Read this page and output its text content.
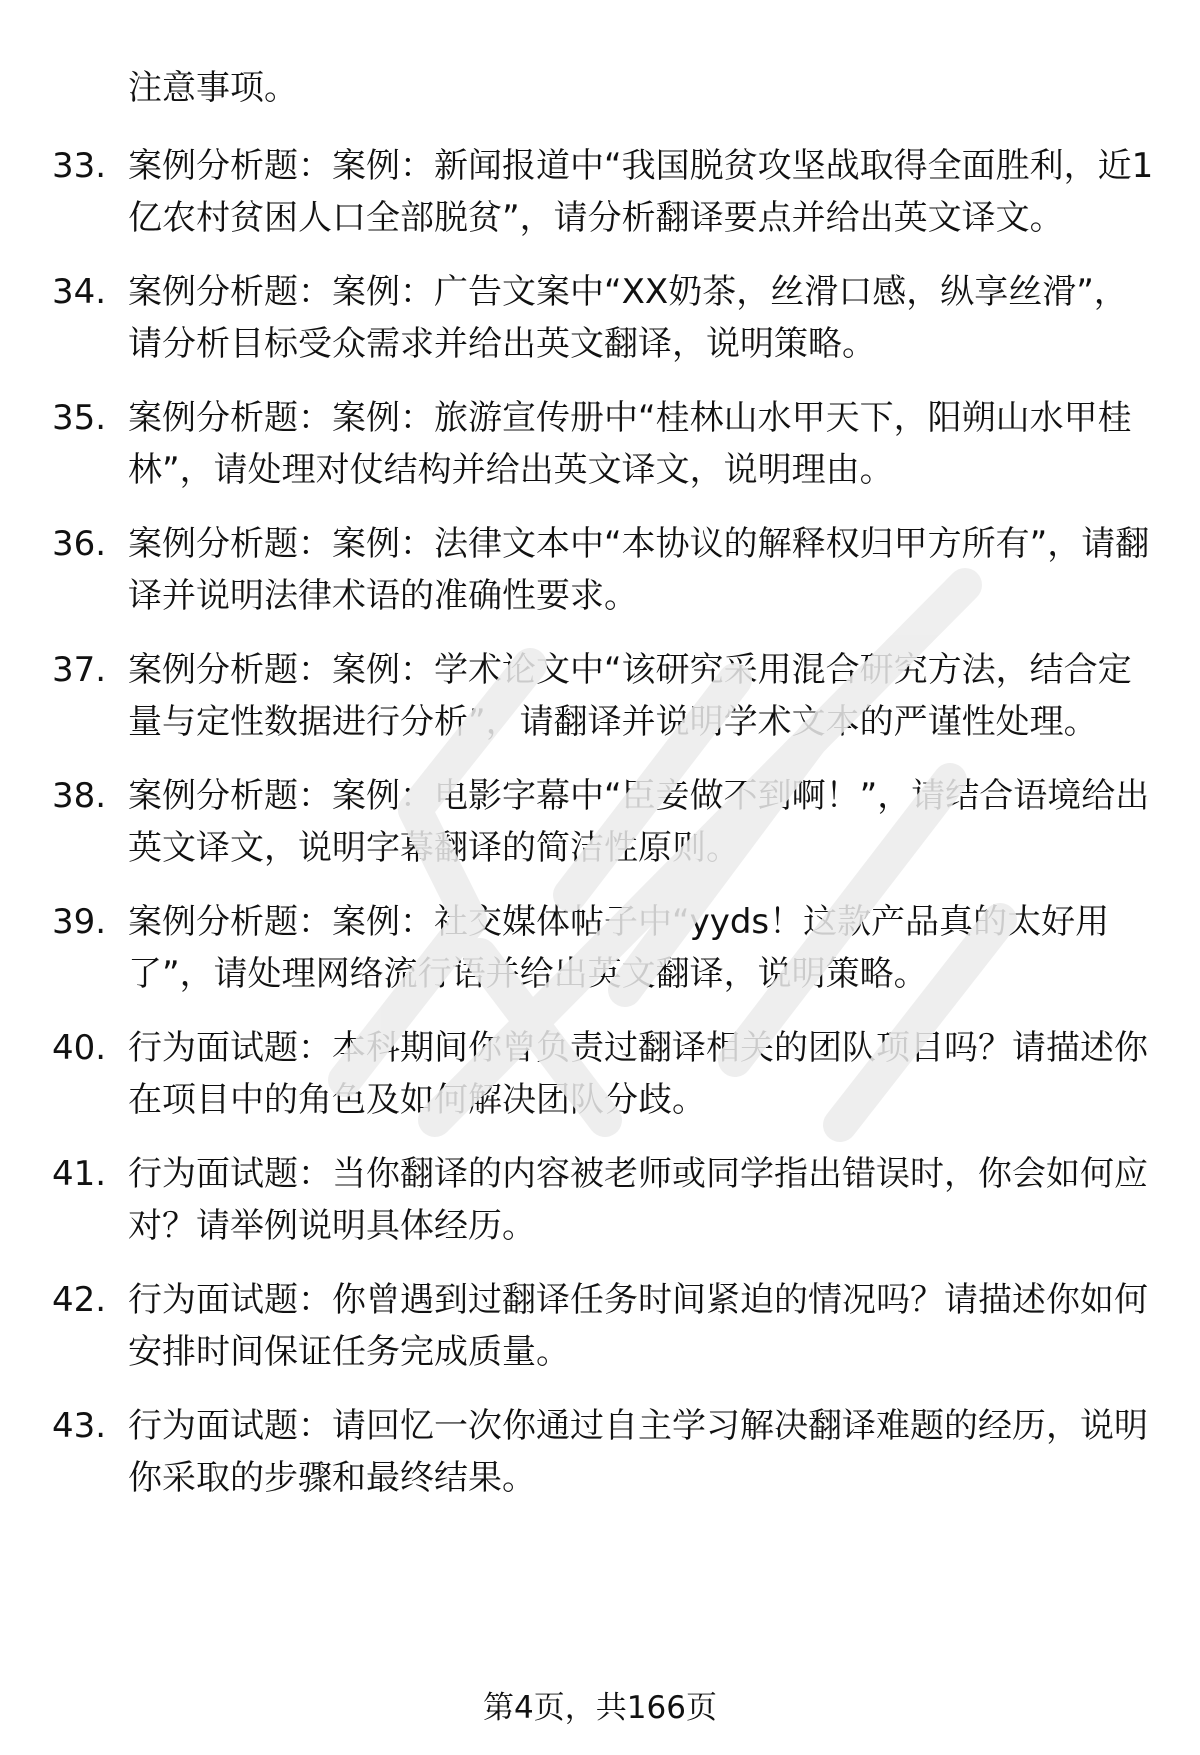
注意事项。
33. 案例分析题：案例：新闻报道中“我国脱贫攻坚战取得全面胜利，近1亿农村贫困人口全部脱贫”，请分析翻译要点并给出英文译文。
34. 案例分析题：案例：广告文案中“XX奶茶，丝滑口感，纵享丝滑”，请分析目标受众需求并给出英文翻译，说明策略。
35. 案例分析题：案例：旅游宣传册中“桂林山水甲天下，阳朔山水甲桂林”，请处理对仗结构并给出英文译文，说明理由。
36. 案例分析题：案例：法律文本中“本协议的解释权归甲方所有”，请翻译并说明法律术语的准确性要求。
37. 案例分析题：案例：学术论文中“该研究采用混合研究方法，结合定量与定性数据进行分析”，请翻译并说明学术文本的严谨性处理。
38. 案例分析题：案例：电影字幕中“臣妾做不到啊！”，请结合语境给出英文译文，说明字幕翻译的简洁性原则。
39. 案例分析题：案例：社交媒体帖子中“yyds！这款产品真的太好用了”，请处理网络流行语并给出英文翻译，说明策略。
40. 行为面试题：本科期间你曾负责过翻译相关的团队项目吗？请描述你在项目中的角色及如何解决团队分歧。
41. 行为面试题：当你翻译的内容被老师或同学指出错误时，你会如何应对？请举例说明具体经历。
42. 行为面试题：你曾遇到过翻译任务时间紧迫的情况吗？请描述你如何安排时间保证任务完成质量。
43. 行为面试题：请回忆一次你通过自主学习解决翻译难题的经历，说明你采取的步骤和最终结果。
第4页，共166页
